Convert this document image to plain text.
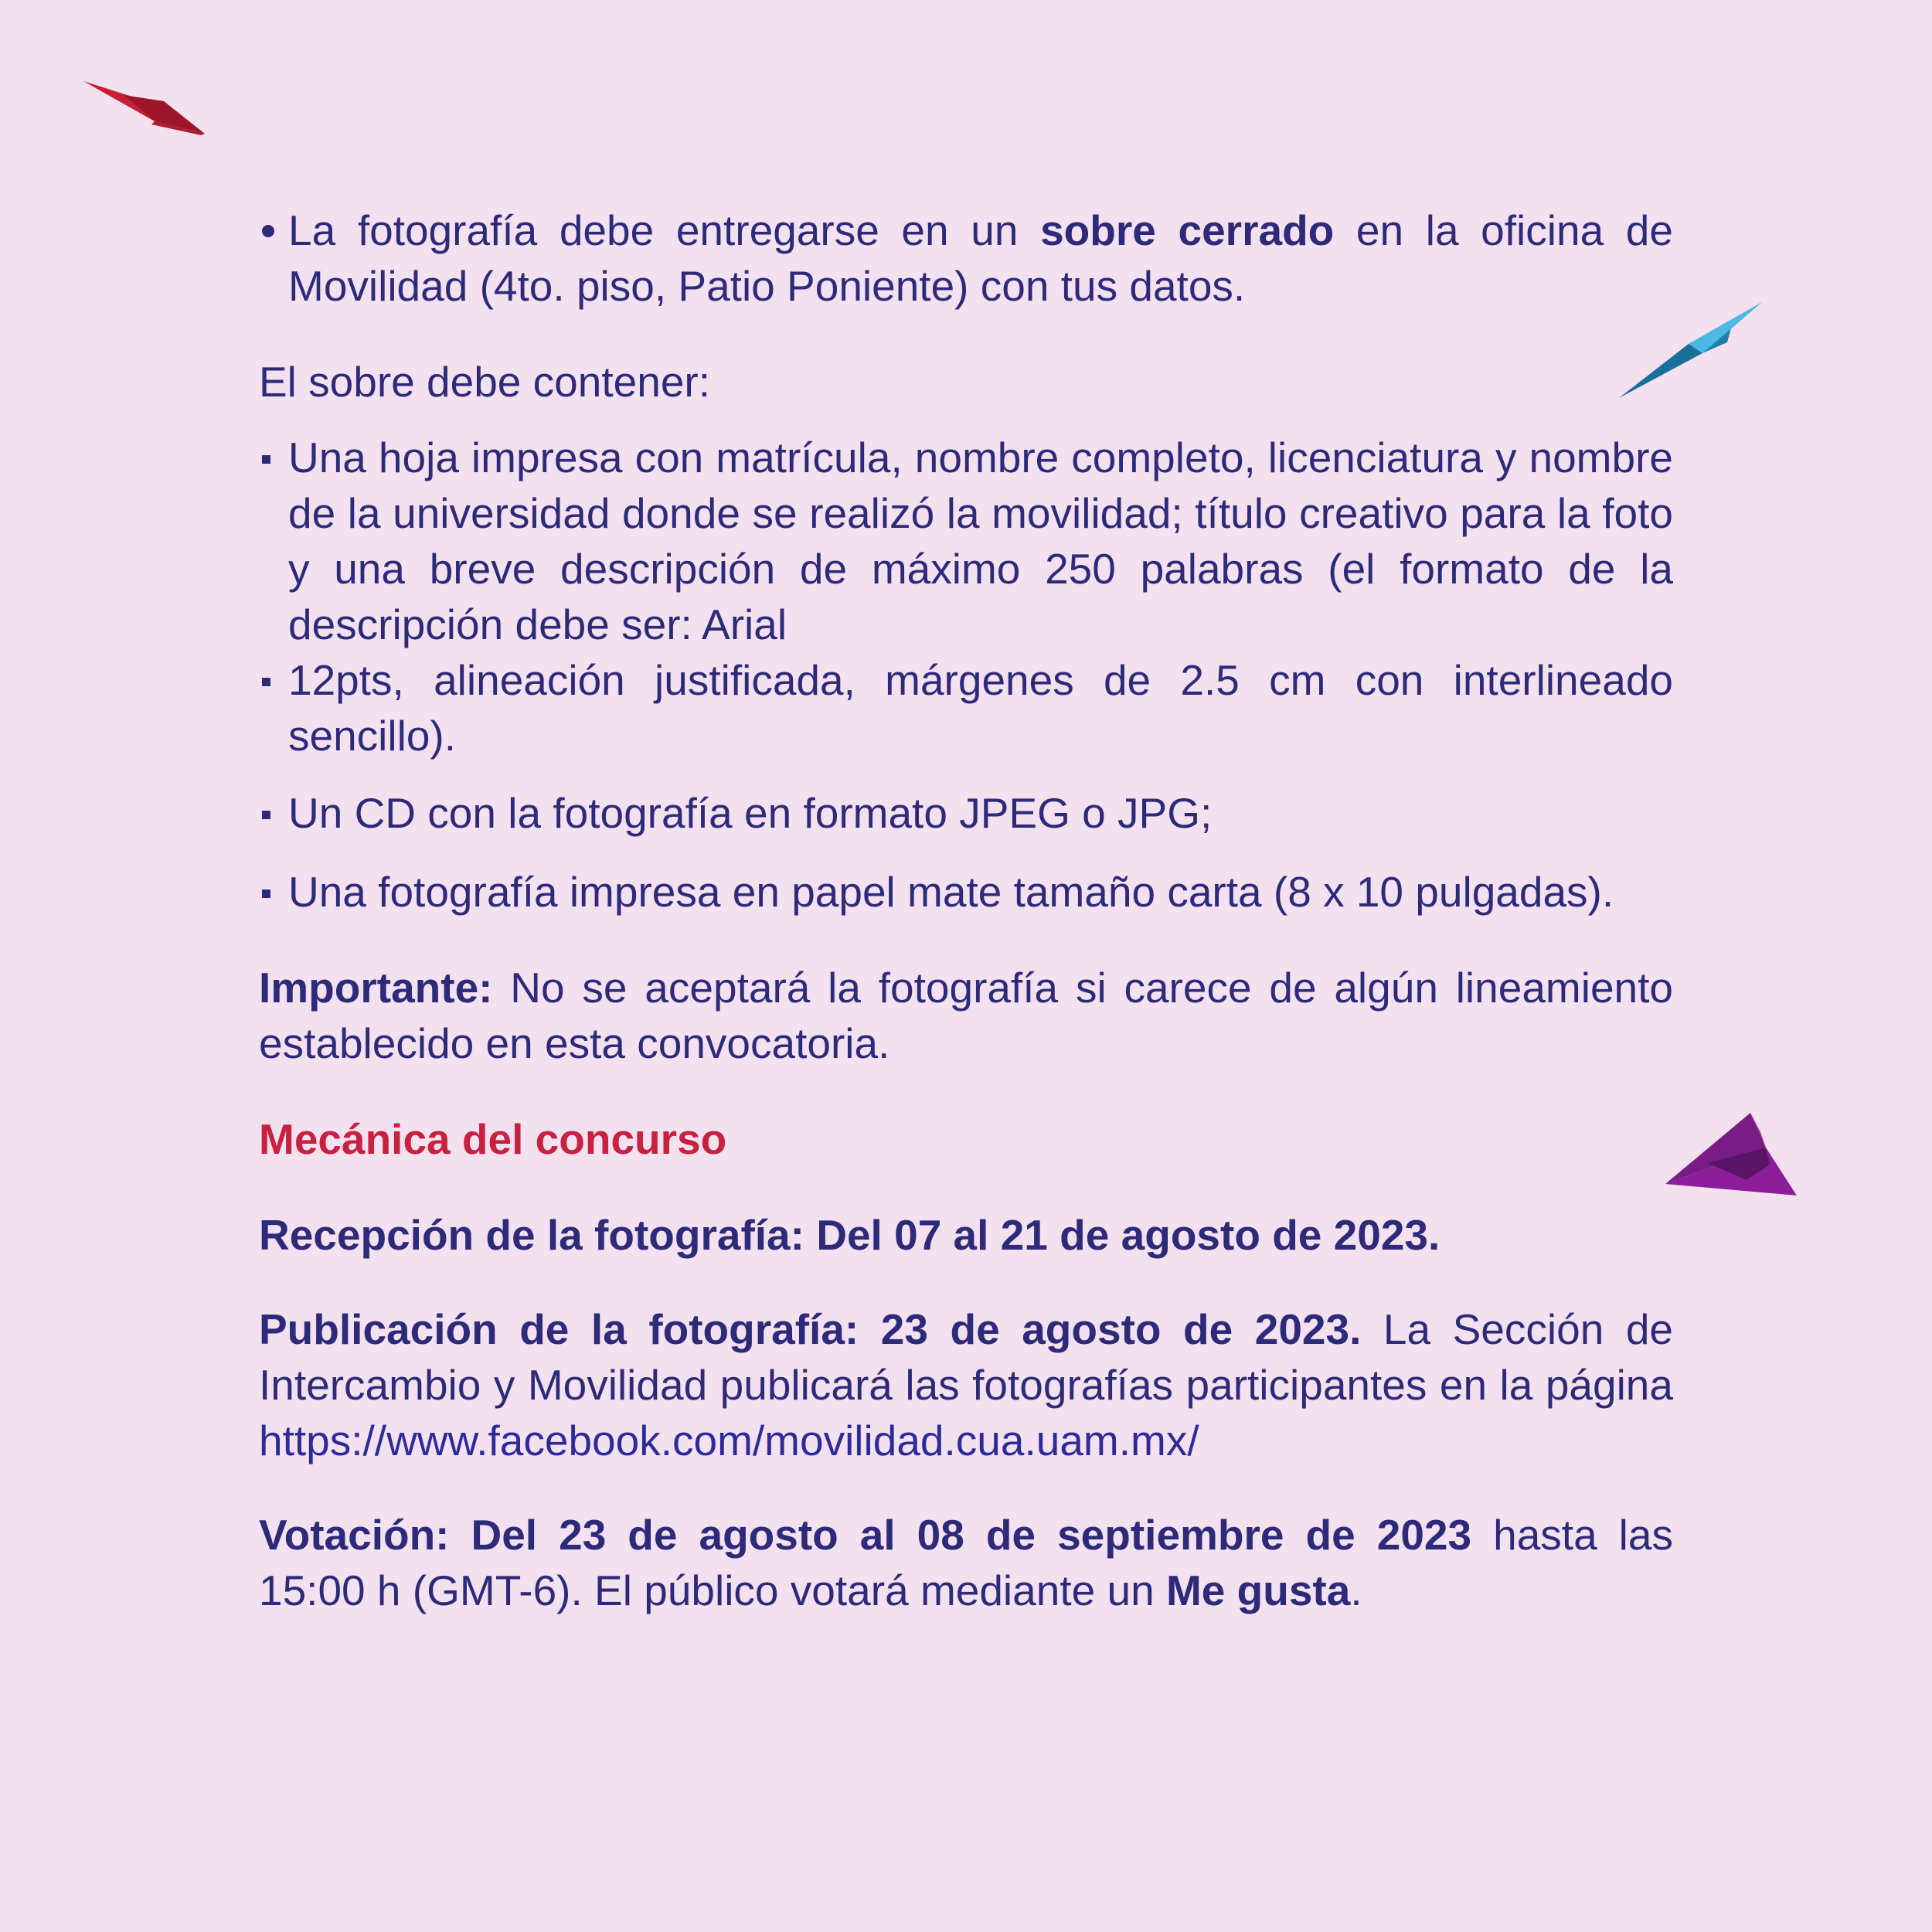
La fotografía debe entregarse en un sobre cerrado en la oficina de Movilidad (4to. piso, Patio Poniente) con tus datos.

El sobre debe contener:

Una hoja impresa con matrícula, nombre completo, licenciatura y nombre de la universidad donde se realizó la movilidad; título creativo para la foto y una breve descripción de máximo 250 palabras (el formato de la descripción debe ser: Arial
12pts, alineación justificada, márgenes de 2.5 cm con interlineado sencillo).
Un CD con la fotografía en formato JPEG o JPG;
Una fotografía impresa en papel mate tamaño carta (8 x 10 pulgadas).

Importante: No se aceptará la fotografía si carece de algún lineamiento establecido en esta convocatoria.

Mecánica del concurso

Recepción de la fotografía: Del 07 al 21 de agosto de 2023.

Publicación de la fotografía: 23 de agosto de 2023. La Sección de Intercambio y Movilidad publicará las fotografías participantes en la página https://www.facebook.com/movilidad.cua.uam.mx/

Votación: Del 23 de agosto al 08 de septiembre de 2023 hasta las 15:00 h (GMT-6). El público votará mediante un Me gusta.
